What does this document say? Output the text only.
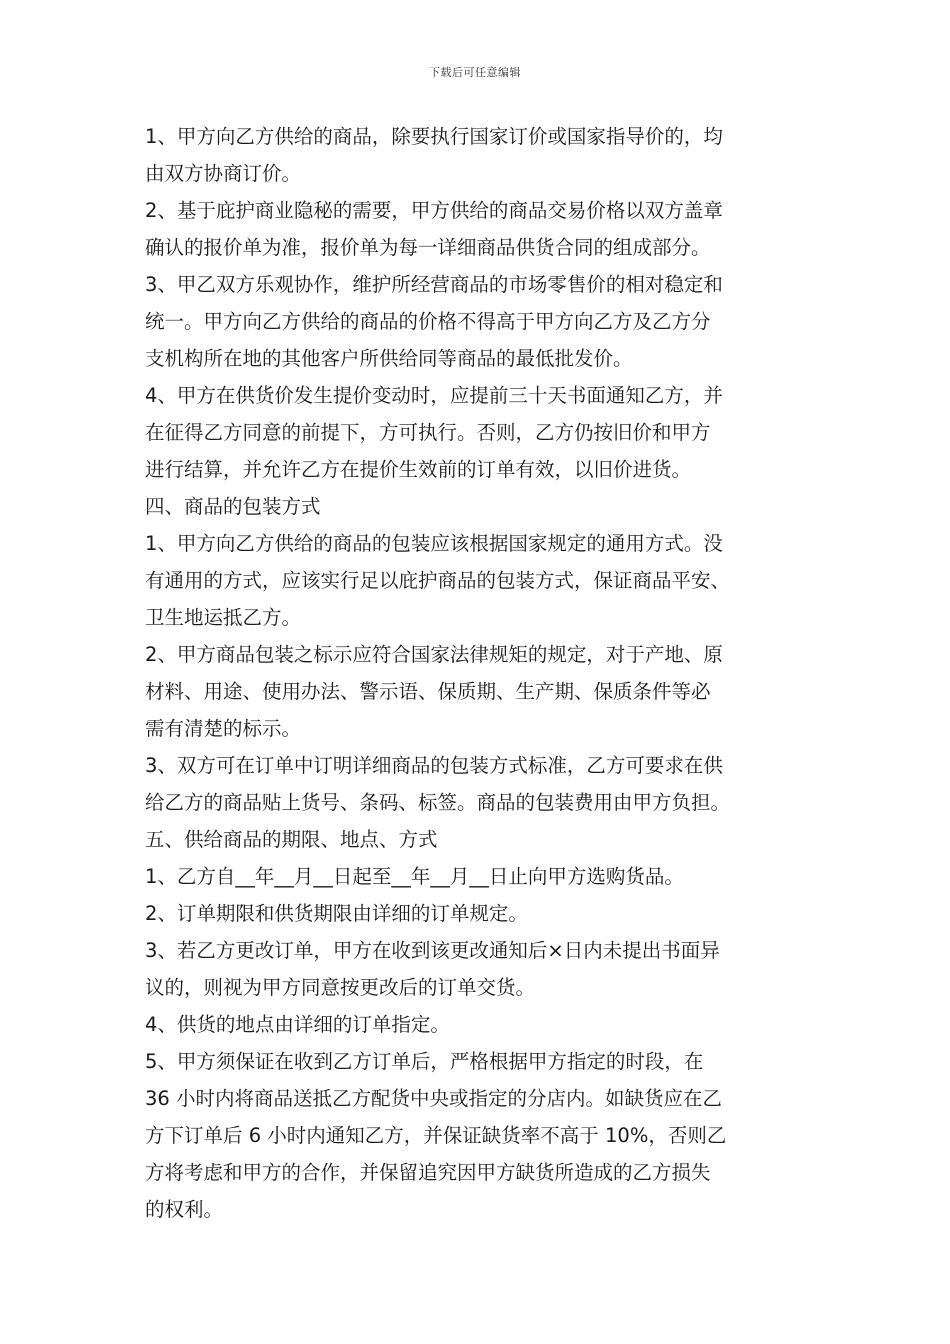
下载后可任意编辑
1、甲方向乙方供给的商品，除要执行国家订价或国家指导价的，均
由双方协商订价。
2、基于庇护商业隐秘的需要，甲方供给的商品交易价格以双方盖章
确认的报价单为准，报价单为每一详细商品供货合同的组成部分。
3、甲乙双方乐观协作，维护所经营商品的市场零售价的相对稳定和
统一。甲方向乙方供给的商品的价格不得高于甲方向乙方及乙方分
支机构所在地的其他客户所供给同等商品的最低批发价。
4、甲方在供货价发生提价变动时，应提前三十天书面通知乙方，并
在征得乙方同意的前提下，方可执行。否则，乙方仍按旧价和甲方
进行结算，并允许乙方在提价生效前的订单有效，以旧价进货。
四、商品的包装方式
1、甲方向乙方供给的商品的包装应该根据国家规定的通用方式。没
有通用的方式，应该实行足以庇护商品的包装方式，保证商品平安、
卫生地运抵乙方。
2、甲方商品包装之标示应符合国家法律规矩的规定，对于产地、原
材料、用途、使用办法、警示语、保质期、生产期、保质条件等必
需有清楚的标示。
3、双方可在订单中订明详细商品的包装方式标准，乙方可要求在供
给乙方的商品贴上货号、条码、标签。商品的包装费用由甲方负担。
五、供给商品的期限、地点、方式
1、乙方自__年__月__日起至__年__月__日止向甲方选购货品。
2、订单期限和供货期限由详细的订单规定。
3、若乙方更改订单，甲方在收到该更改通知后×日内未提出书面异
议的，则视为甲方同意按更改后的订单交货。
4、供货的地点由详细的订单指定。
5、甲方须保证在收到乙方订单后，严格根据甲方指定的时段，在
36 小时内将商品送抵乙方配货中央或指定的分店内。如缺货应在乙
方下订单后 6 小时内通知乙方，并保证缺货率不高于 10%，否则乙
方将考虑和甲方的合作，并保留追究因甲方缺货所造成的乙方损失
的权利。
